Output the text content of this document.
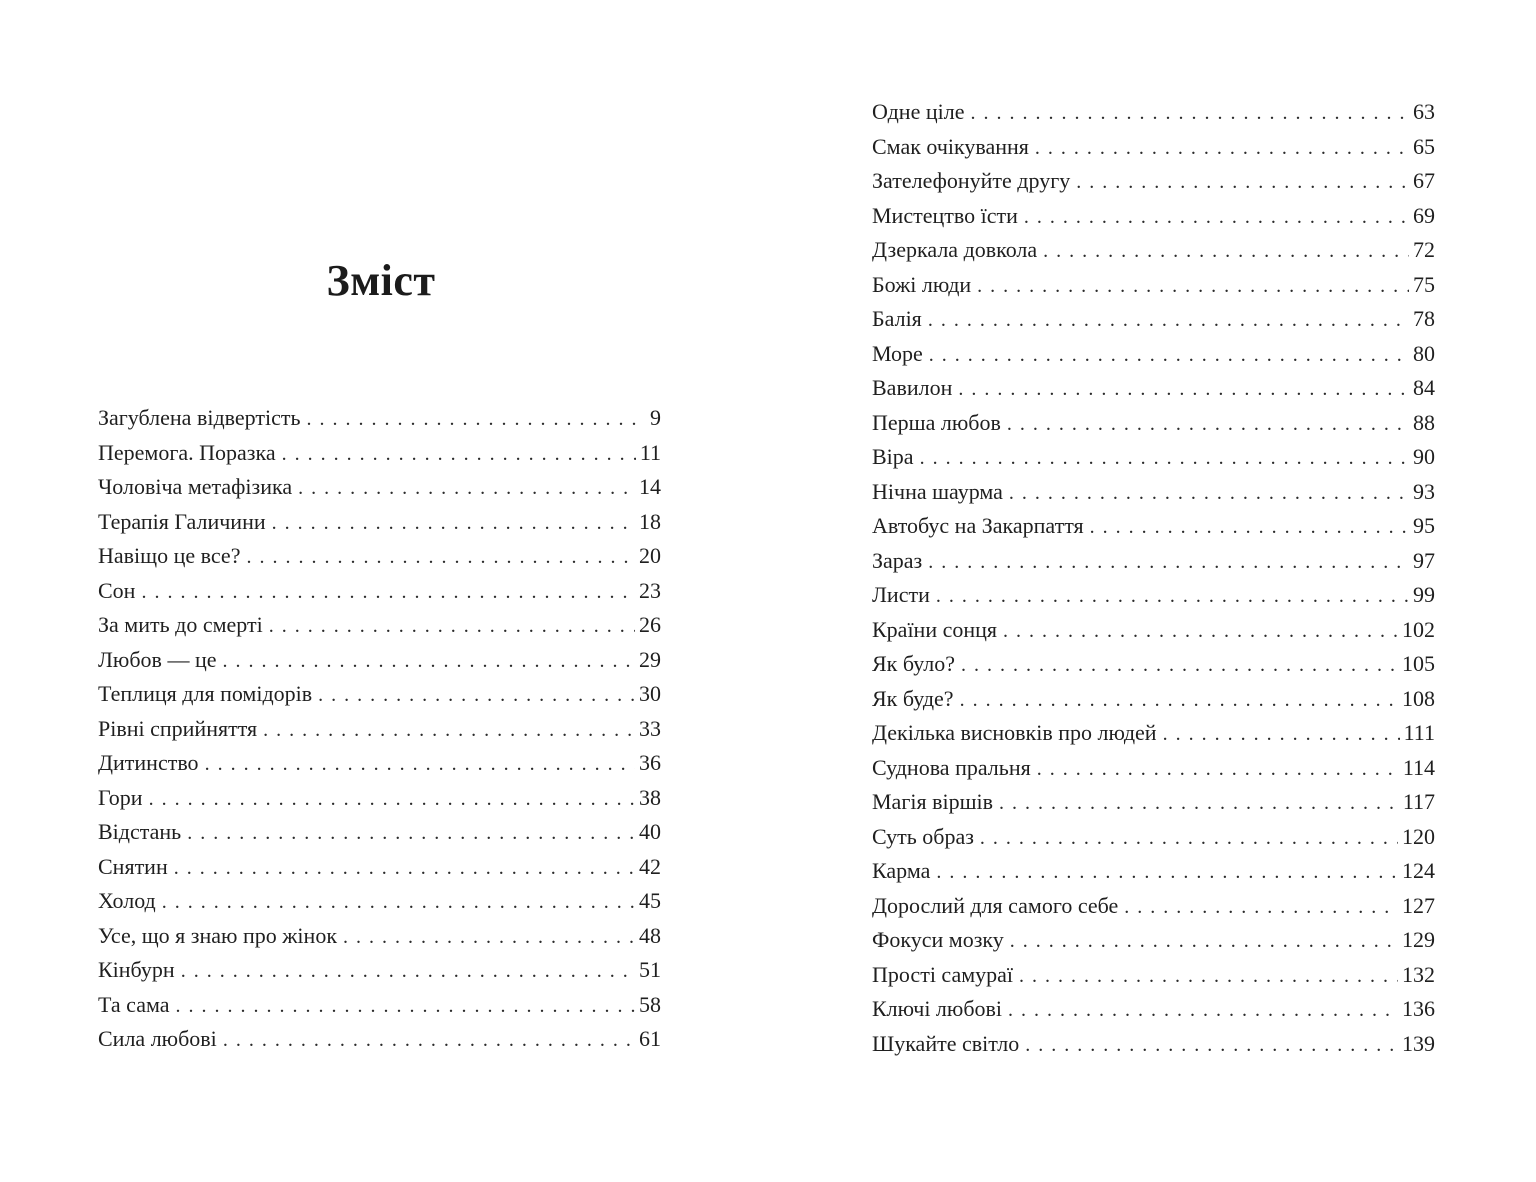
Зміст
Загублена відвертість . . .	9
Перемога. Поразка . . .	11
Чоловіча метафізика . . .	14
Терапія Галичини . . .	18
Навіщо це все? . . .	20
Сон . . .	23
За мить до смерті . . .	26
Любов — це . . .	29
Теплиця для помідорів . . .	30
Рівні сприйняття . . .	33
Дитинство . . .	36
Гори . . .	38
Відстань . . .	40
Снятин . . .	42
Холод . . .	45
Усе, що я знаю про жінок . . .	48
Кінбурн . . .	51
Та сама . . .	58
Сила любові . . .	61
Одне ціле . . .	63
Смак очікування . . .	65
Зателефонуйте другу . . .	67
Мистецтво їсти . . .	69
Дзеркала довкола . . .	72
Божі люди . . .	75
Балія . . .	78
Море . . .	80
Вавилон . . .	84
Перша любов . . .	88
Віра . . .	90
Нічна шаурма . . .	93
Автобус на Закарпаття . . .	95
Зараз . . .	97
Листи . . .	99
Країни сонця . . .	102
Як було? . . .	105
Як буде? . . .	108
Декілька висновків про людей . . .	111
Суднова пральня . . .	114
Магія віршів . . .	117
Суть образ . . .	120
Карма . . .	124
Дорослий для самого себе . . .	127
Фокуси мозку . . .	129
Прості самураї . . .	132
Ключі любові . . .	136
Шукайте світло . . .	139
